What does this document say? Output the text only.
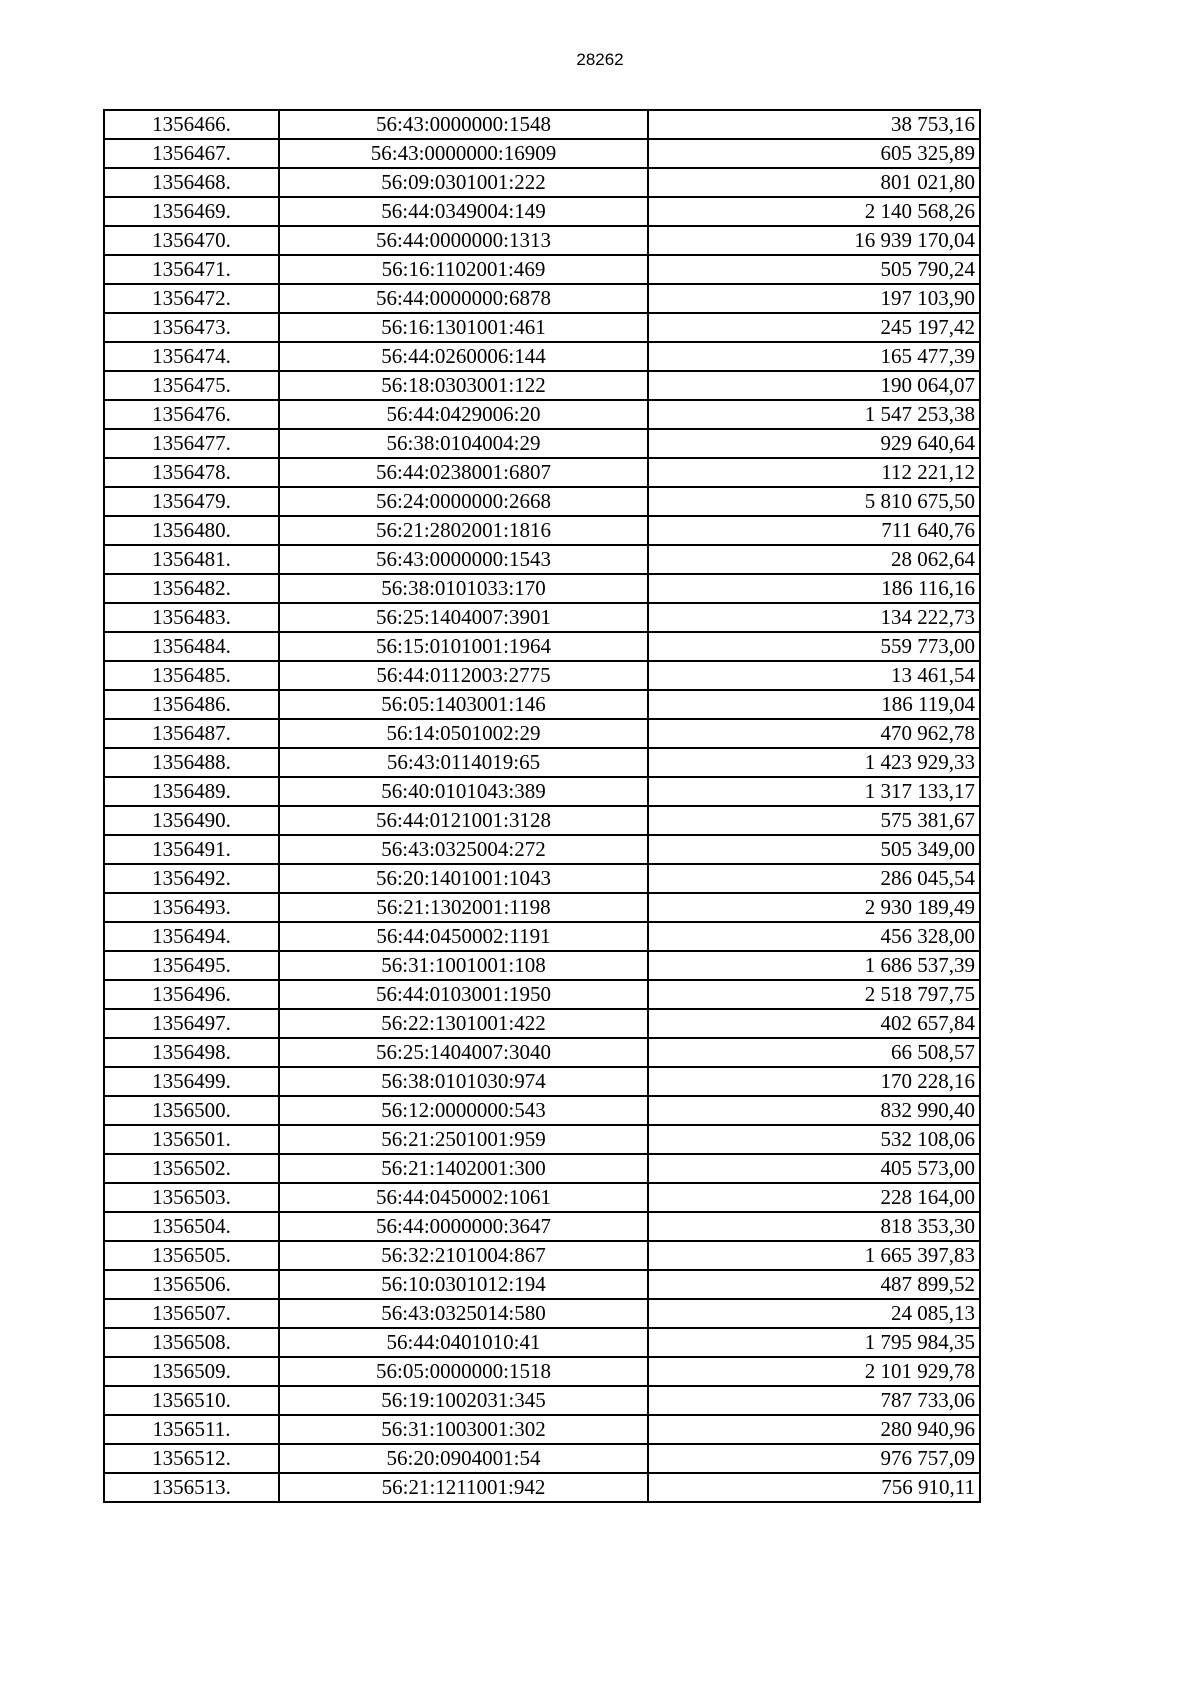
28262
1356466.	56:43:0000000:1548	38 753,16
1356467.	56:43:0000000:16909	605 325,89
1356468.	56:09:0301001:222	801 021,80
1356469.	56:44:0349004:149	2 140 568,26
1356470.	56:44:0000000:1313	16 939 170,04
1356471.	56:16:1102001:469	505 790,24
1356472.	56:44:0000000:6878	197 103,90
1356473.	56:16:1301001:461	245 197,42
1356474.	56:44:0260006:144	165 477,39
1356475.	56:18:0303001:122	190 064,07
1356476.	56:44:0429006:20	1 547 253,38
1356477.	56:38:0104004:29	929 640,64
1356478.	56:44:0238001:6807	112 221,12
1356479.	56:24:0000000:2668	5 810 675,50
1356480.	56:21:2802001:1816	711 640,76
1356481.	56:43:0000000:1543	28 062,64
1356482.	56:38:0101033:170	186 116,16
1356483.	56:25:1404007:3901	134 222,73
1356484.	56:15:0101001:1964	559 773,00
1356485.	56:44:0112003:2775	13 461,54
1356486.	56:05:1403001:146	186 119,04
1356487.	56:14:0501002:29	470 962,78
1356488.	56:43:0114019:65	1 423 929,33
1356489.	56:40:0101043:389	1 317 133,17
1356490.	56:44:0121001:3128	575 381,67
1356491.	56:43:0325004:272	505 349,00
1356492.	56:20:1401001:1043	286 045,54
1356493.	56:21:1302001:1198	2 930 189,49
1356494.	56:44:0450002:1191	456 328,00
1356495.	56:31:1001001:108	1 686 537,39
1356496.	56:44:0103001:1950	2 518 797,75
1356497.	56:22:1301001:422	402 657,84
1356498.	56:25:1404007:3040	66 508,57
1356499.	56:38:0101030:974	170 228,16
1356500.	56:12:0000000:543	832 990,40
1356501.	56:21:2501001:959	532 108,06
1356502.	56:21:1402001:300	405 573,00
1356503.	56:44:0450002:1061	228 164,00
1356504.	56:44:0000000:3647	818 353,30
1356505.	56:32:2101004:867	1 665 397,83
1356506.	56:10:0301012:194	487 899,52
1356507.	56:43:0325014:580	24 085,13
1356508.	56:44:0401010:41	1 795 984,35
1356509.	56:05:0000000:1518	2 101 929,78
1356510.	56:19:1002031:345	787 733,06
1356511.	56:31:1003001:302	280 940,96
1356512.	56:20:0904001:54	976 757,09
1356513.	56:21:1211001:942	756 910,11
